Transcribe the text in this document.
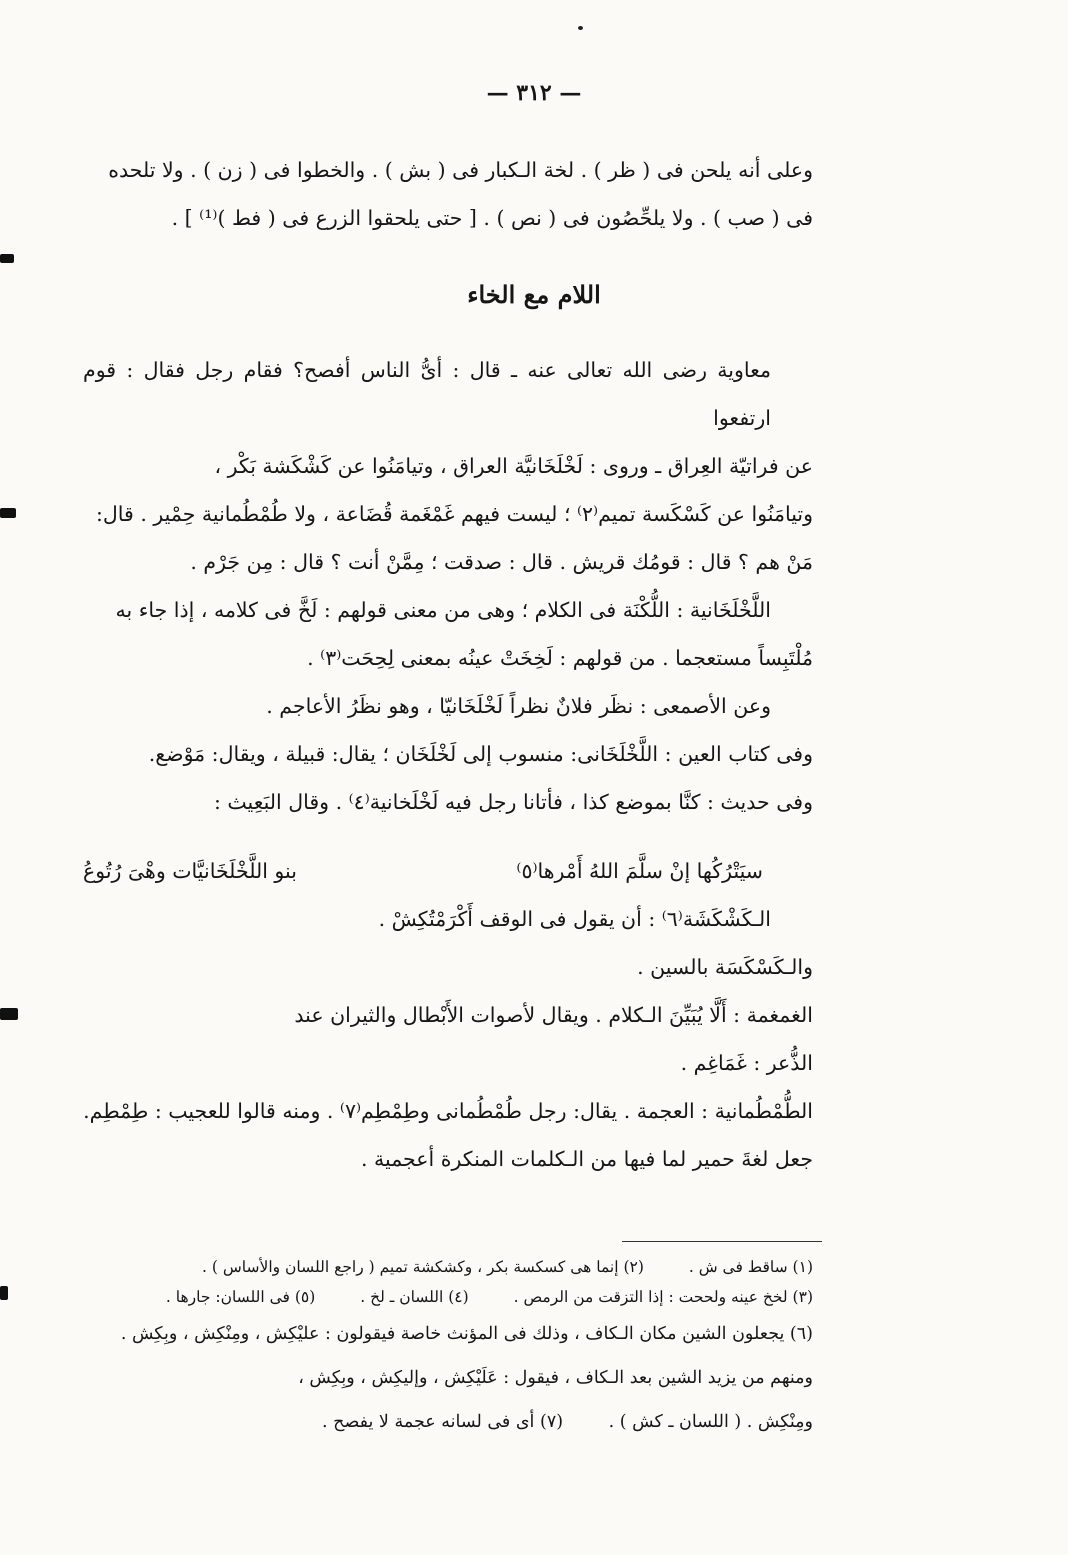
— ٣١٢ —

وعلى أنه يلحن فى ( ظر ) . لخة الـكبار فى ( بش ) . والخطوا فى ( زن ) . ولا تلحده

فى ( صب ) . ولا يلحِّصُون فى ( نص ) . [ حتى يلحقوا الزرع فى ( فط )⁽¹⁾ ] .

اللام مع الخاء

معاوية رضى الله تعالى عنه ـ قال : أىُّ الناس أفصح؟ فقام رجل فقال : قوم ارتفعوا

عن فراتيّة العِراق ـ وروى : لَخْلَخَانيَّة العراق ، وتيامَنُوا عن كَشْكَشة بَكْر ،

وتيامَنُوا عن كَسْكَسة تميم⁽٢⁾ ؛ ليست فيهم غَمْغَمة قُضَاعة ، ولا طُمْطُمانية حِمْير . قال:

مَنْ هم ؟ قال : قومُك قريش . قال : صدقت ؛ مِمَّنْ أنت ؟ قال : مِن جَرْم .

اللَّخْلَخَانية : اللُّكْنَة فى الكلام ؛ وهى من معنى قولهم : لَخَّ فى كلامه ، إذا جاء به

مُلْتَبِساً مستعجما . من قولهم : لَخِخَتْ عينُه بمعنى لِحِحَت⁽٣⁾ .

وعن الأصمعى : نظَر فلانٌ نظراً لَخْلَخَانيّا ، وهو نظَرُ الأعاجم .

وفى كتاب العين : اللَّخْلَخَانى: منسوب إلى لَخْلَخَان ؛ يقال: قبيلة ، ويقال: مَوْضع.

وفى حديث : كنَّا بموضع كذا ، فأتانا رجل فيه لَخْلَخانية⁽٤⁾ . وقال البَعِيث :

سيَتْرُكُها إنْ سلَّمَ اللهُ أَمْرها⁽٥⁾
بنو اللَّخْلَخَانيَّات وهْىَ رُتُوعُ

الـكَشْكَشَة⁽٦⁾ : أن يقول فى الوقف أَكْرَمْتُكِشْ .

والـكَسْكَسَة بالسين .

الغمغمة : أَلَّا يُبَيِّنَ الـكلام . ويقال لأصوات الأَبْطال والثيران عند

الذُّعر : غَمَاغِم .

الطُّمْطُمانية : العجمة . يقال: رجل طُمْطُمانى وطِمْطِم⁽٧⁾ . ومنه قالوا للعجيب : طِمْطِم.

جعل لغةَ حمير لما فيها من الـكلمات المنكرة أعجمية .

(١) ساقط فى ش . (٢) إنما هى كسكسة بكر ، وكشكشة تميم ( راجع اللسان والأساس ) .

(٣) لخخ عينه ولححت : إذا التزقت من الرمص . (٤) اللسان ـ لخ . (٥) فى اللسان: جارها .

(٦) يجعلون الشين مكان الـكاف ، وذلك فى المؤنث خاصة فيقولون : عليْكِش ، ومِنْكِش ، وبِكِش .

ومنهم من يزيد الشين بعد الـكاف ، فيقول : عَلَيْكِش ، وإليكِش ، وبِكِش ،

ومِنْكِش . ( اللسان ـ كش ) . (٧) أى فى لسانه عجمة لا يفصح .
